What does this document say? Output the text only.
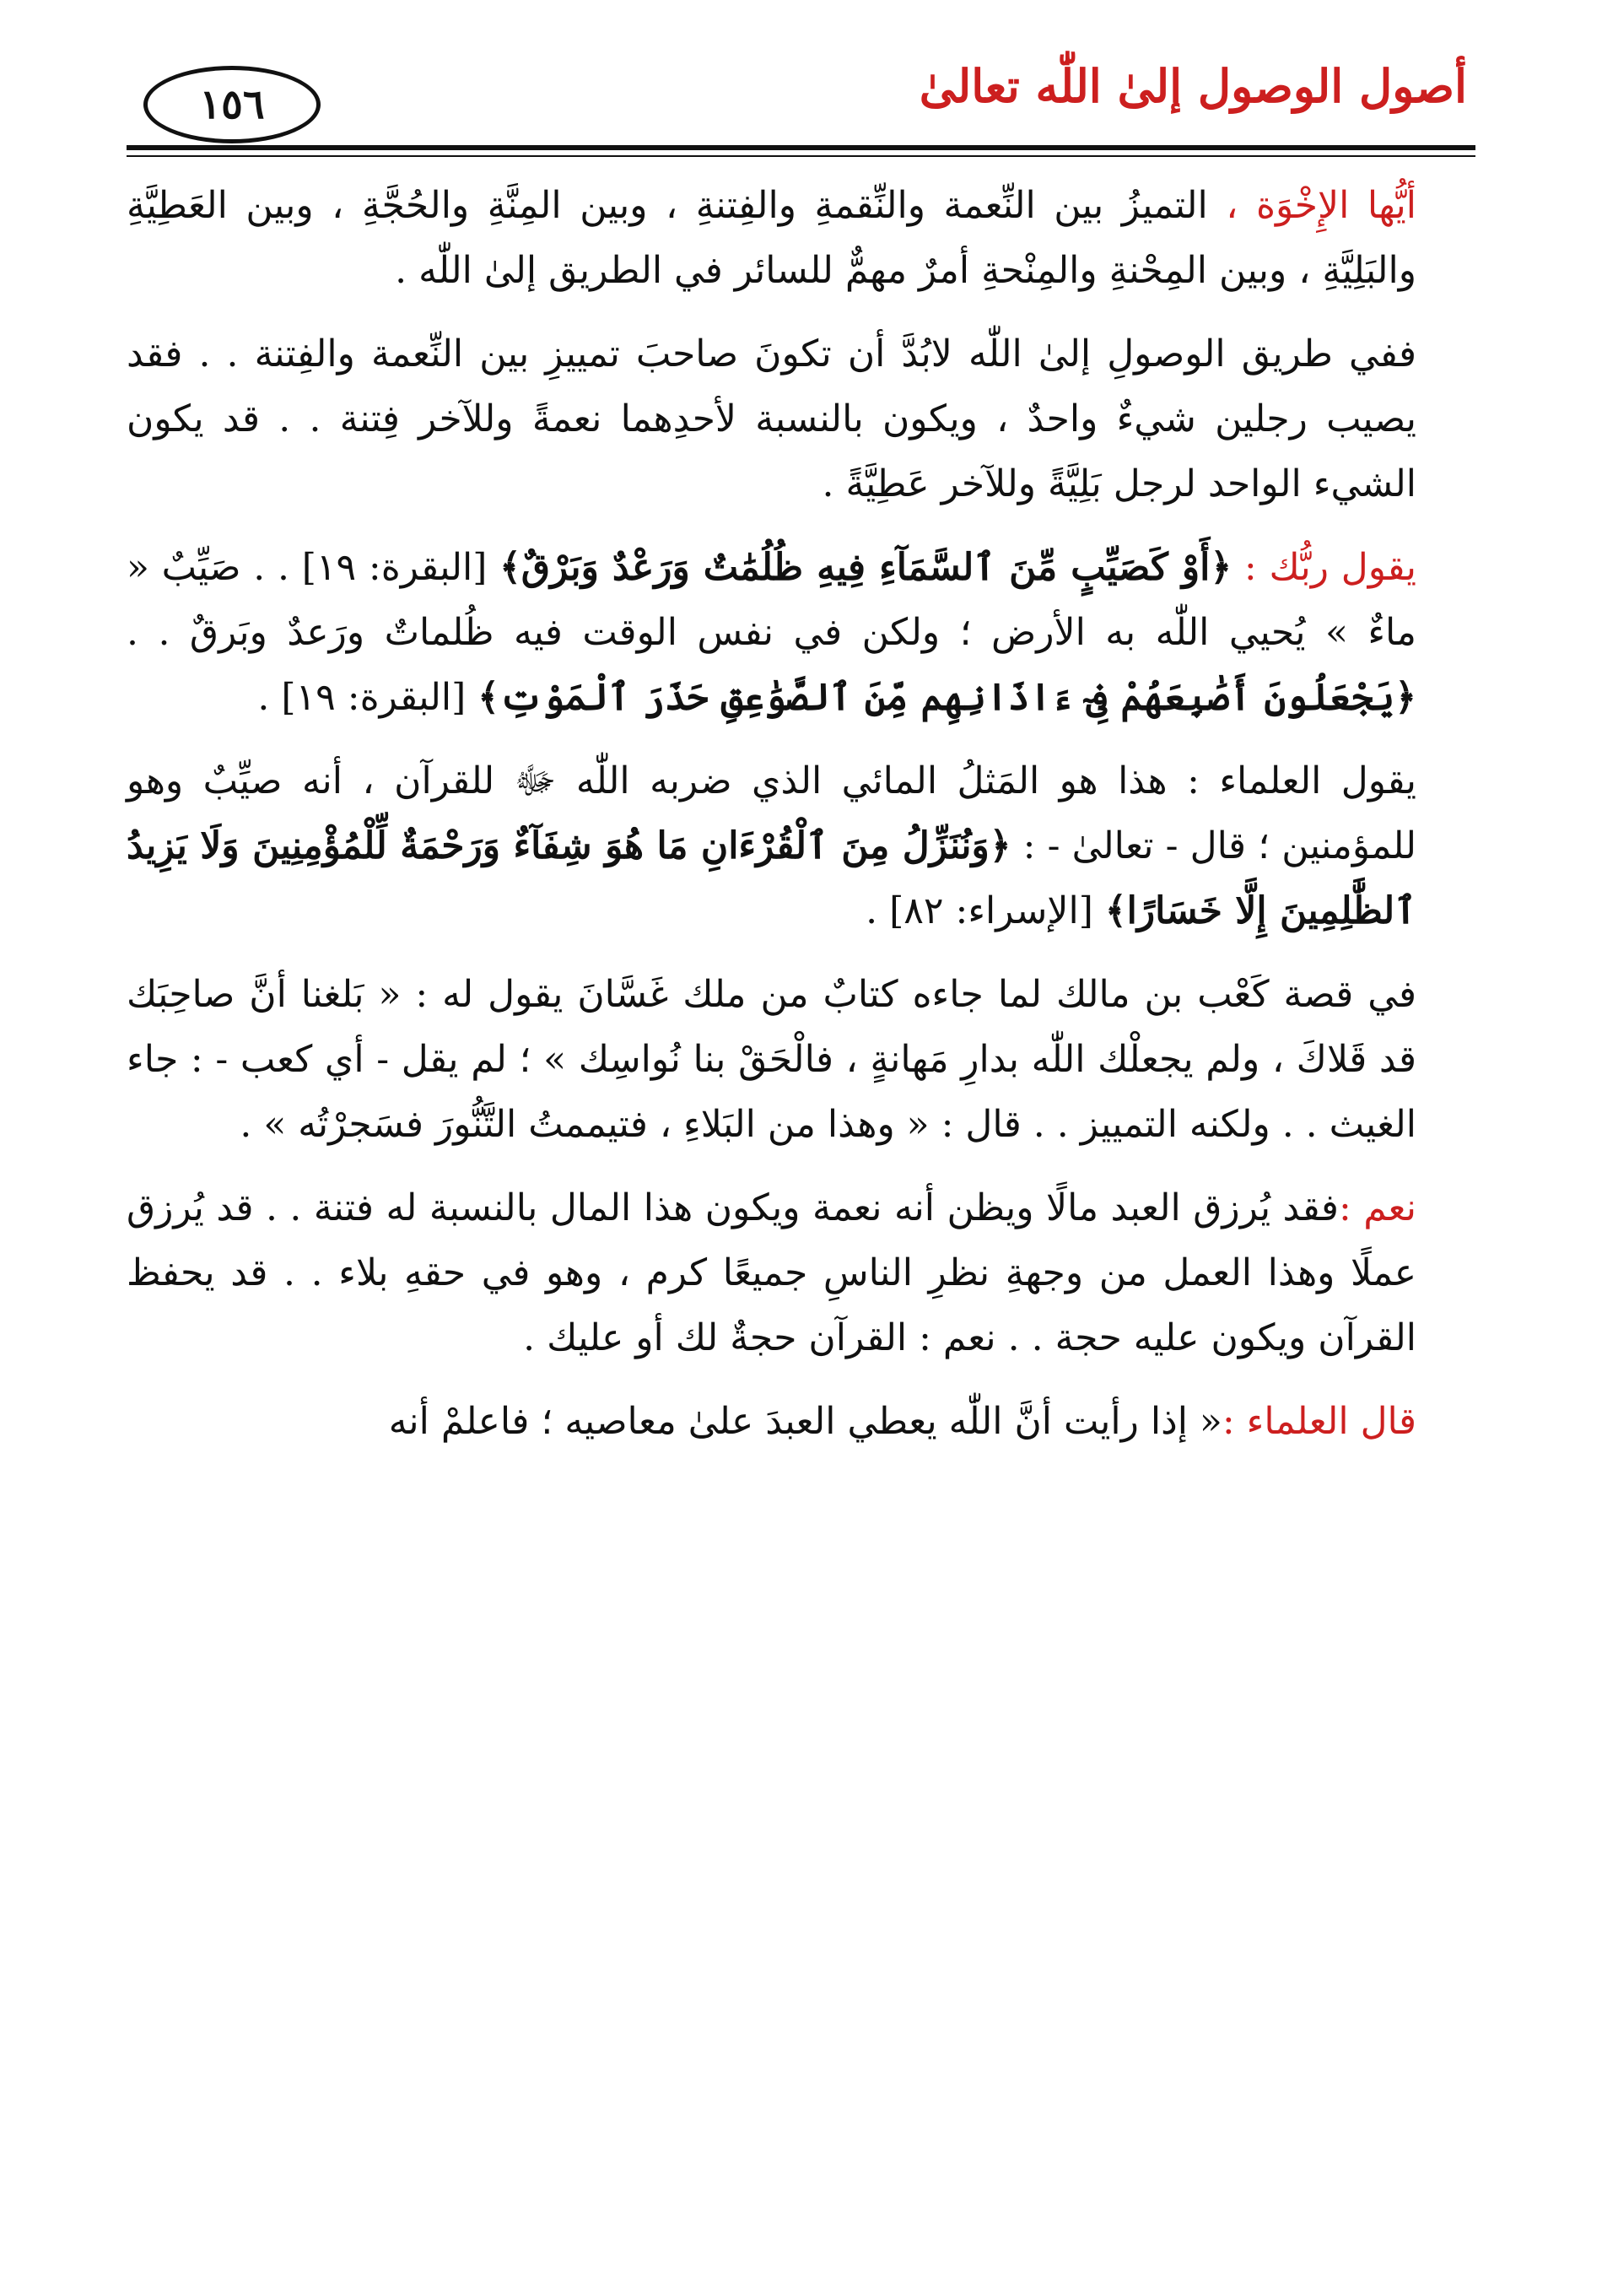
أصول الوصول إلىٰ اللّٰه تعالىٰ
١٥٦

أيُّها الإِخْوَة ، التميزُ بين النِّعمة والنِّقمةِ والفِتنةِ ، وبين المِنَّةِ والحُجَّةِ ، وبين العَطِيَّةِ والبَلِيَّةِ ، وبين المِحْنةِ والمِنْحةِ أمرٌ مهمٌّ للسائر في الطريق إلىٰ اللّٰه .

ففي طريق الوصولِ إلىٰ اللّٰه لابُدَّ أن تكونَ صاحبَ تمييزِ بين النِّعمة والفِتنة . . فقد يصيب رجلين شيءٌ واحدٌ ، ويكون بالنسبة لأحدِهما نعمةً وللآخر فِتنة . . قد يكون الشيء الواحد لرجل بَلِيَّةً وللآخر عَطِيَّةً .

يقول ربُّك : ﴿أَوْ كَصَيِّبٍ مِّنَ ٱلسَّمَآءِ فِيهِ ظُلُمَٰتٌ وَرَعْدٌ وَبَرْقٌ﴾ [البقرة: ١٩] . . صَيِّبٌ « ماءٌ » يُحيي اللّٰه به الأرض ؛ ولكن في نفس الوقت فيه ظُلماتٌ ورَعدٌ وبَرقٌ . . ﴿يَجْعَلُونَ أَصَٰبِعَهُمْ فِىٓ ءَاذَانِهِم مِّنَ ٱلصَّوَٰعِقِ حَذَرَ ٱلْمَوْتِ﴾ [البقرة: ١٩] .

يقول العلماء : هذا هو المَثلُ المائي الذي ضربه اللّٰه ﷻ للقرآن ، أنه صيِّبٌ وهو للمؤمنين ؛ قال - تعالىٰ - : ﴿وَنُنَزِّلُ مِنَ ٱلْقُرْءَانِ مَا هُوَ شِفَآءٌ وَرَحْمَةٌ لِّلْمُؤْمِنِينَ وَلَا يَزِيدُ ٱلظَّٰلِمِينَ إِلَّا خَسَارًا﴾ [الإسراء: ٨٢] .

في قصة كَعْب بن مالك لما جاءه كتابٌ من ملك غَسَّانَ يقول له : « بَلغنا أنَّ صاحِبَك قد قَلاكَ ، ولم يجعلْك اللّٰه بدارِ مَهانةٍ ، فالْحَقْ بنا نُواسِك » ؛ لم يقل - أي كعب - : جاء الغيث . . ولكنه التمييز . . قال : « وهذا من البَلاءِ ، فتيممتُ التَّنُّورَ فسَجرْتُه » .

نعم :فقد يُرزق العبد مالًا ويظن أنه نعمة ويكون هذا المال بالنسبة له فتنة . . قد يُرزق عملًا وهذا العمل من وجهةِ نظرِ الناسِ جميعًا كرم ، وهو في حقهِ بلاء . . قد يحفظ القرآن ويكون عليه حجة . . نعم : القرآن حجةٌ لك أو عليك .

قال العلماء :« إذا رأيت أنَّ اللّٰه يعطي العبدَ علىٰ معاصيه ؛ فاعلمْ أنه
